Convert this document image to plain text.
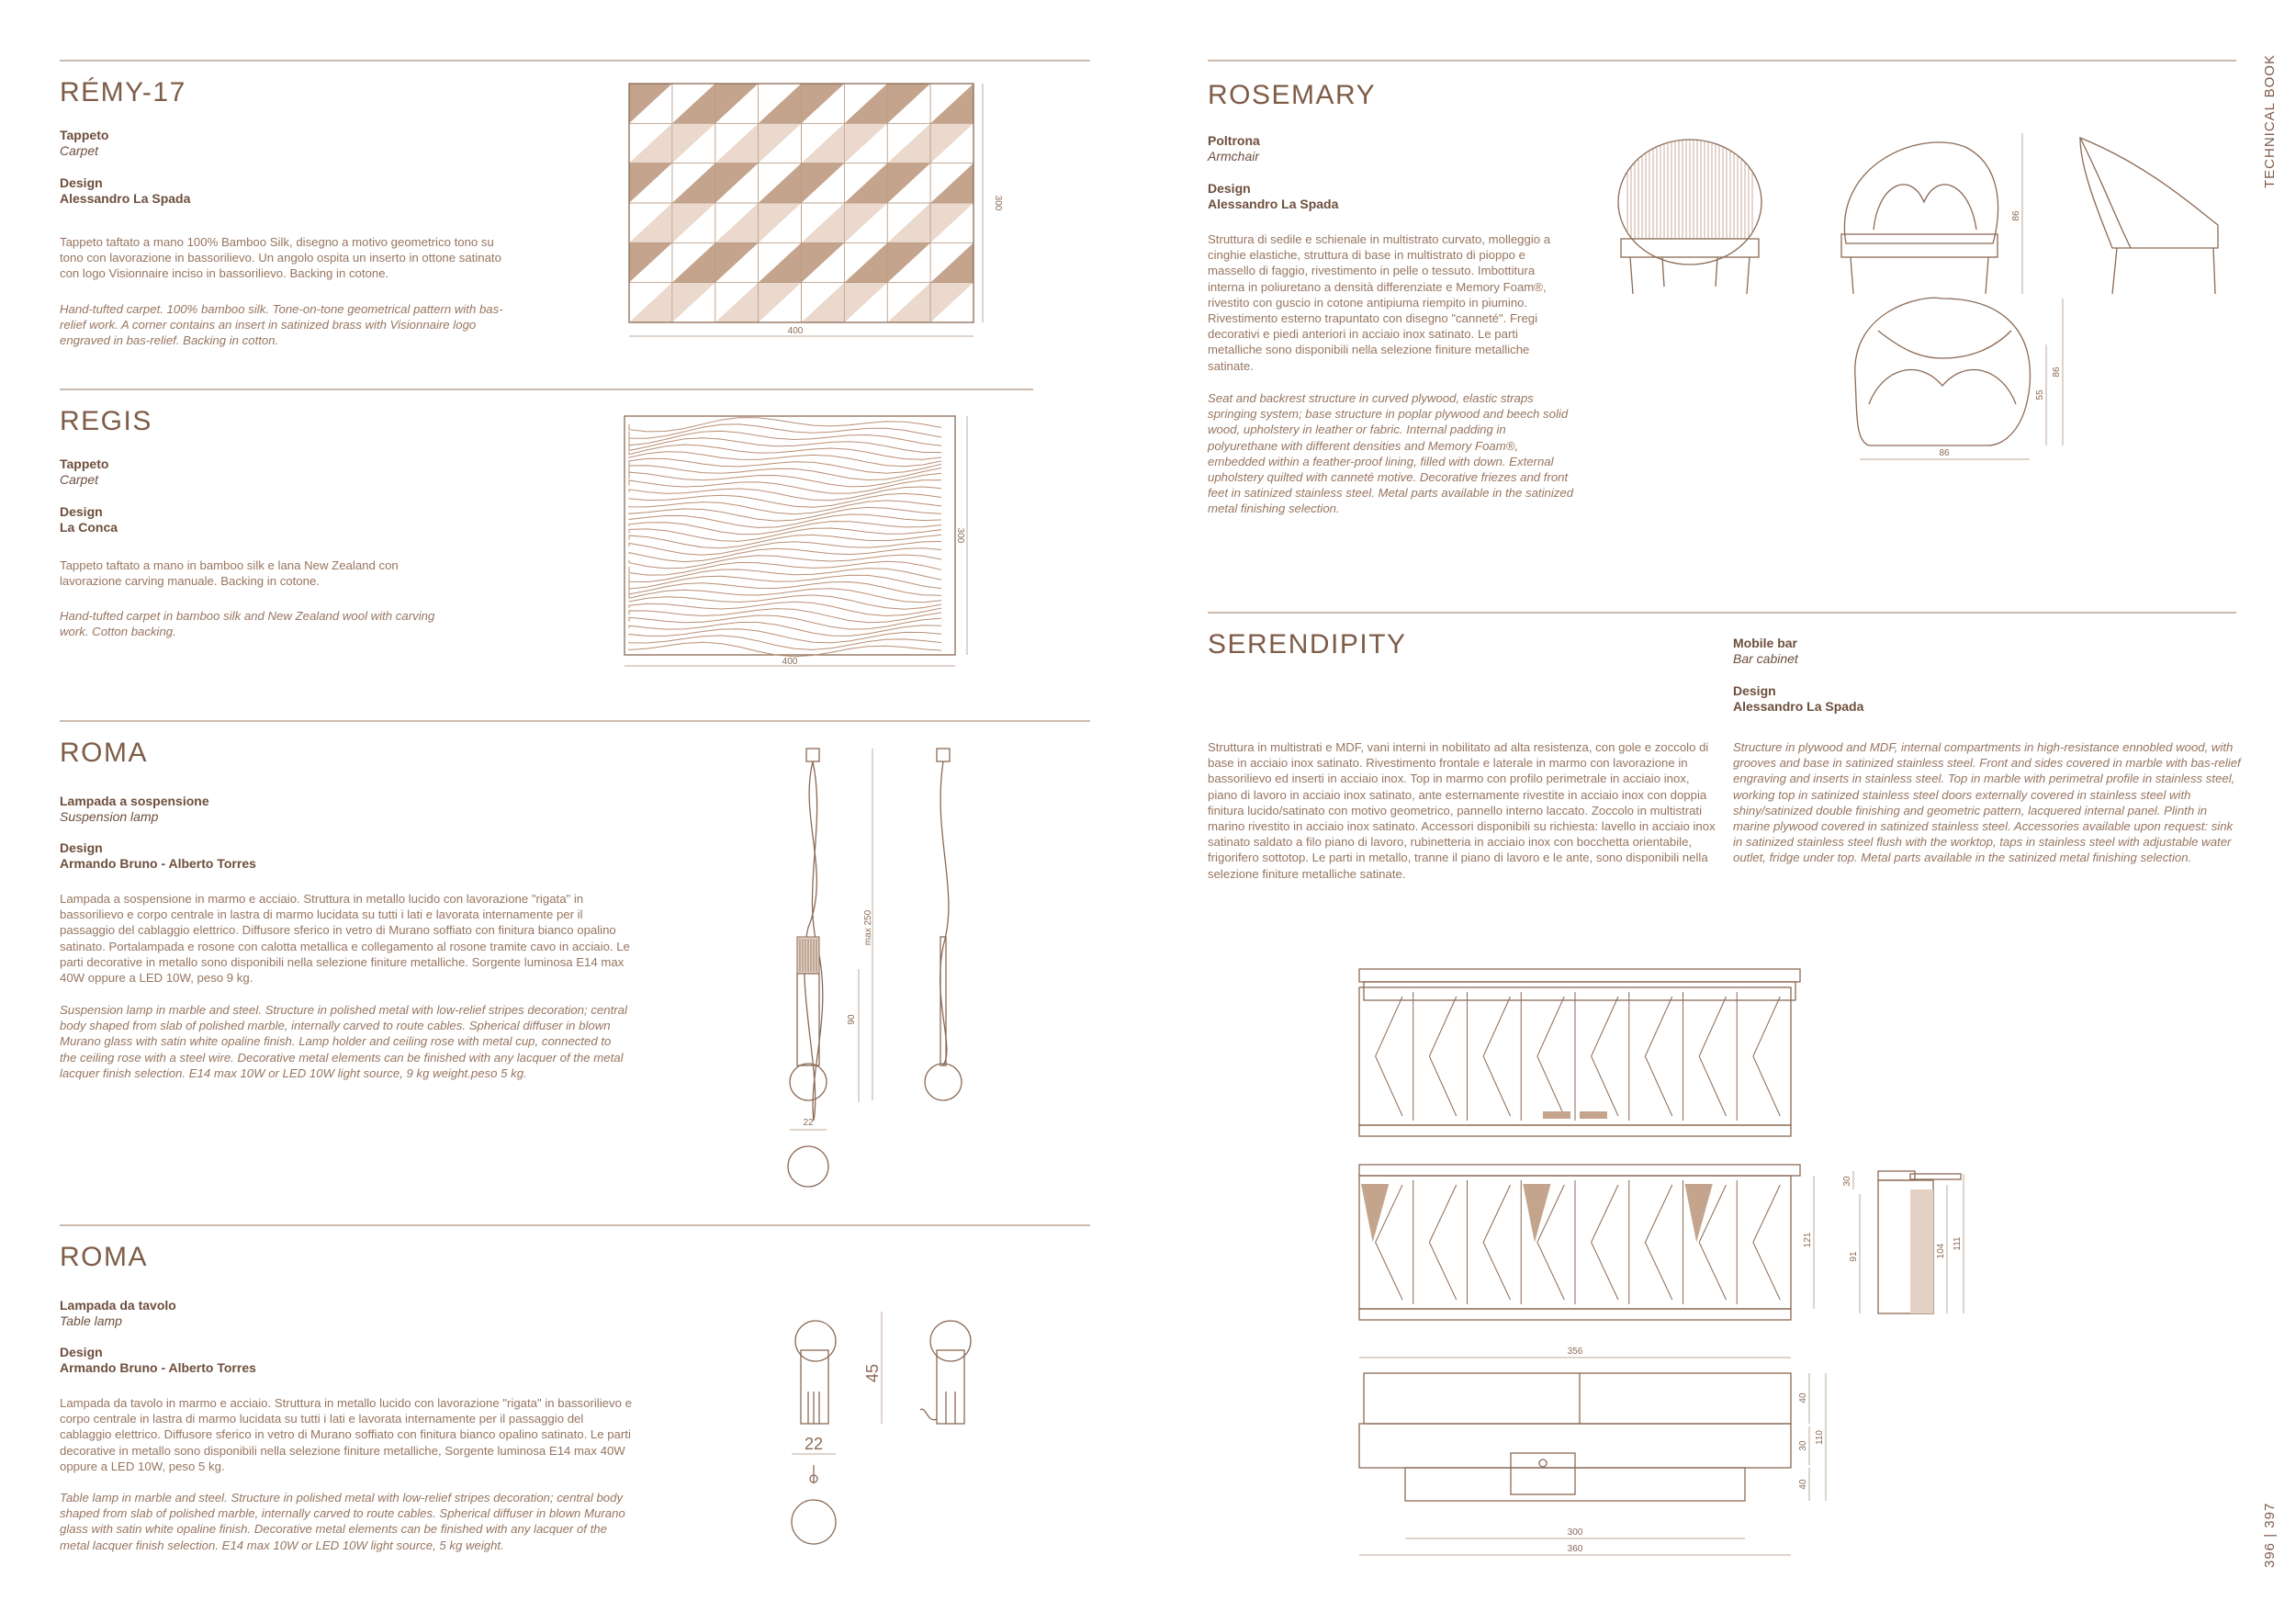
TECHNICAL BOOK
396 | 397
RÉMY-17
Tappeto
Carpet
Design
Alessandro La Spada
Tappeto taftato a mano 100% Bamboo Silk, disegno a motivo geometrico tono su tono con lavorazione in bassorilievo. Un angolo ospita un inserto in ottone satinato con logo Visionnaire inciso in bassorilievo. Backing in cotone.
Hand-tufted carpet. 100% bamboo silk. Tone-on-tone geometrical pattern with bas-relief work. A corner contains an insert in satinized brass with Visionnaire logo engraved in bas-relief. Backing in cotton.
400
300
REGIS
Tappeto
Carpet
Design
La Conca
Tappeto taftato a mano in bamboo silk e lana New Zealand con lavorazione carving manuale. Backing in cotone.
Hand-tufted carpet in bamboo silk and New Zealand wool with carving work. Cotton backing.
400
300
ROMA
Lampada a sospensione
Suspension lamp
Design
Armando Bruno - Alberto Torres
Lampada a sospensione in marmo e acciaio. Struttura in metallo lucido con lavorazione "rigata" in bassorilievo e corpo centrale in lastra di marmo lucidata su tutti i lati e lavorata internamente per il passaggio del cablaggio elettrico. Diffusore sferico in vetro di Murano soffiato con finitura bianco opalino satinato. Portalampada e rosone con calotta metallica e collegamento al rosone tramite cavo in acciaio. Le parti decorative in metallo sono disponibili nella selezione finiture metalliche. Sorgente luminosa E14 max 40W oppure a LED 10W, peso 9 kg.
Suspension lamp in marble and steel. Structure in polished metal with low-relief stripes decoration; central body shaped from slab of polished marble, internally carved to route cables. Spherical diffuser in blown Murano glass with satin white opaline finish. Lamp holder and ceiling rose with metal cup, connected to the ceiling rose with a steel wire. Decorative metal elements can be finished with any lacquer of the metal lacquer finish selection. E14 max 10W or LED 10W light source, 9 kg weight.peso 5 kg.
max 250
90
22
ROMA
Lampada da tavolo
Table lamp
Design
Armando Bruno - Alberto Torres
Lampada da tavolo in marmo e acciaio. Struttura in metallo lucido con lavorazione "rigata" in bassorilievo e corpo centrale in lastra di marmo lucidata su tutti i lati e lavorata internamente per il passaggio del cablaggio elettrico. Diffusore sferico in vetro di Murano soffiato con finitura bianco opalino satinato. Le parti decorative in metallo sono disponibili nella selezione finiture metalliche, Sorgente luminosa E14 max 40W oppure a LED 10W, peso 5 kg.
Table lamp in marble and steel. Structure in polished metal with low-relief stripes decoration; central body shaped from slab of polished marble, internally carved to route cables. Spherical diffuser in blown Murano glass with satin white opaline finish. Decorative metal elements can be finished with any lacquer of the metal lacquer finish selection. E14 max 10W or LED 10W light source, 5 kg weight.
45
22
ROSEMARY
Poltrona
Armchair
Design
Alessandro La Spada
Struttura di sedile e schienale in multistrato curvato, molleggio a cinghie elastiche, struttura di base in multistrato di pioppo e massello di faggio, rivestimento in pelle o tessuto. Imbottitura interna in poliuretano a densità differenziate e Memory Foam®, rivestito con guscio in cotone antipiuma riempito in piumino. Rivestimento esterno trapuntato con disegno "canneté". Fregi decorativi e piedi anteriori in acciaio inox satinato. Le parti metalliche sono disponibili nella selezione finiture metalliche satinate.
Seat and backrest structure in curved plywood, elastic straps springing system; base structure in poplar plywood and beech solid wood, upholstery in leather or fabric. Internal padding in polyurethane with different densities and Memory Foam®, embedded within a feather-proof lining, filled with down. External upholstery quilted with canneté motive. Decorative friezes and front feet in satinized stainless steel. Metal parts available in the satinized metal finishing selection.
86
86
55
86
SERENDIPITY	Mobile bar
Bar cabinet
Design
Alessandro La Spada
Struttura in multistrati e MDF, vani interni in nobilitato ad alta resistenza, con gole e zoccolo di base in acciaio inox satinato. Rivestimento frontale e laterale in marmo con lavorazione in bassorilievo ed inserti in acciaio inox. Top in marmo con profilo perimetrale in acciaio inox, piano di lavoro in acciaio inox satinato, ante esternamente rivestite in acciaio inox con doppia finitura lucido/satinato con motivo geometrico, pannello interno laccato. Zoccolo in multistrati marino rivestito in acciaio inox satinato. Accessori disponibili su richiesta: lavello in acciaio inox satinato saldato a filo piano di lavoro, rubinetteria in acciaio inox con bocchetta orientabile, frigorifero sottotop. Le parti in metallo, tranne il piano di lavoro e le ante, sono disponibili nella selezione finiture metalliche satinate.
Structure in plywood and MDF, internal compartments in high-resistance ennobled wood, with grooves and base in satinized stainless steel. Front and sides covered in marble with bas-relief engraving and inserts in stainless steel. Top in marble with perimetral profile in stainless steel, working top in satinized stainless steel doors externally covered in stainless steel with shiny/satinized double finishing and geometric pattern, lacquered internal panel. Plinth in marine plywood covered in satinized stainless steel. Accessories available upon request: sink in satinized stainless steel flush with the worktop, taps in stainless steel with adjustable water outlet, fridge under top. Metal parts available in the satinized metal finishing selection.
121
30
91	104 111
356
40
30
40
110
300
360
